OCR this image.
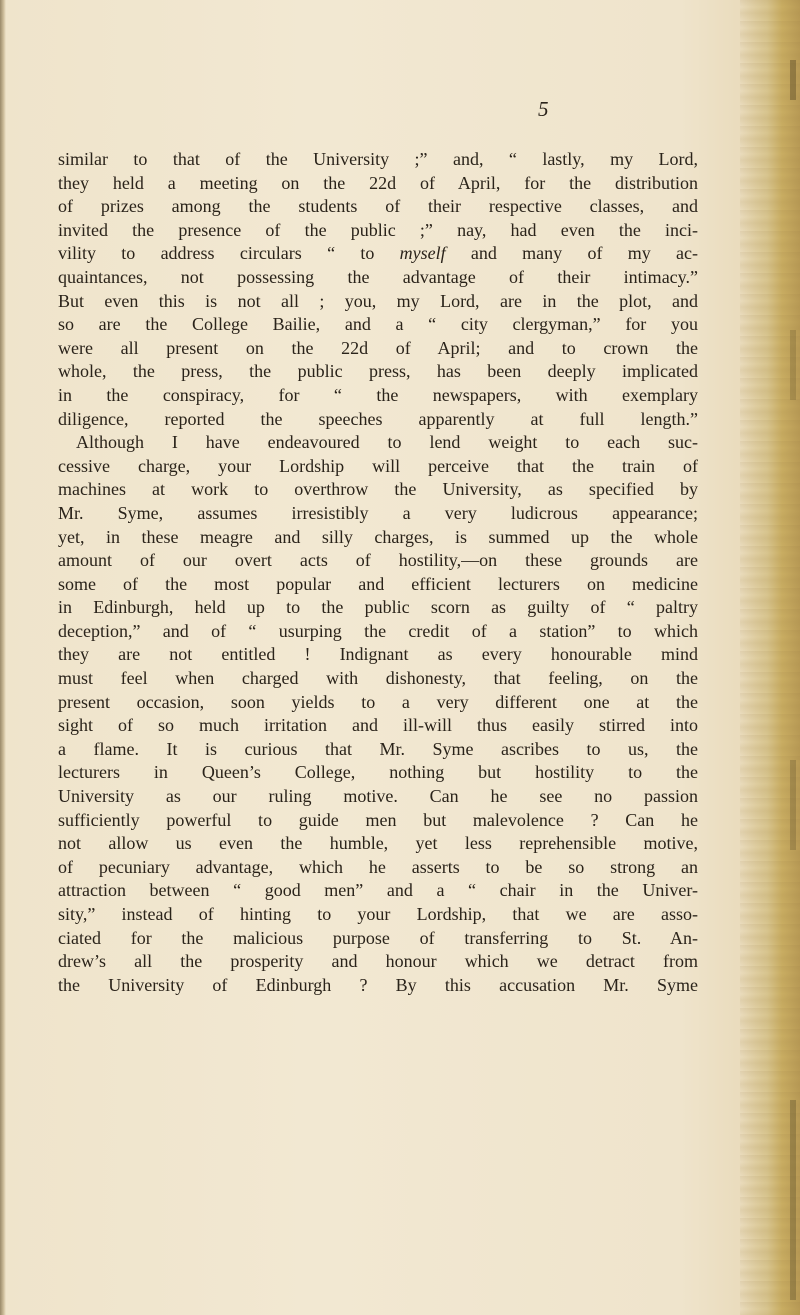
5
similar to that of the University ;” and, “ lastly, my Lord,
they held a meeting on the 22d of April, for the distribution
of prizes among the students of their respective classes, and
invited the presence of the public ;” nay, had even the inci-
vility to address circulars “ to myself and many of my ac-
quaintances, not possessing the advantage of their intimacy.”
But even this is not all ; you, my Lord, are in the plot, and
so are the College Bailie, and a “ city clergyman,” for you
were all present on the 22d of April; and to crown the
whole, the press, the public press, has been deeply implicated
in the conspiracy, for “ the newspapers, with exemplary
diligence, reported the speeches apparently at full length.”
Although I have endeavoured to lend weight to each suc-
cessive charge, your Lordship will perceive that the train of
machines at work to overthrow the University, as specified by
Mr. Syme, assumes irresistibly a very ludicrous appearance;
yet, in these meagre and silly charges, is summed up the whole
amount of our overt acts of hostility,—on these grounds are
some of the most popular and efficient lecturers on medicine
in Edinburgh, held up to the public scorn as guilty of “ paltry
deception,” and of “ usurping the credit of a station” to which
they are not entitled ! Indignant as every honourable mind
must feel when charged with dishonesty, that feeling, on the
present occasion, soon yields to a very different one at the
sight of so much irritation and ill-will thus easily stirred into
a flame. It is curious that Mr. Syme ascribes to us, the
lecturers in Queen’s College, nothing but hostility to the
University as our ruling motive. Can he see no passion
sufficiently powerful to guide men but malevolence ? Can he
not allow us even the humble, yet less reprehensible motive,
of pecuniary advantage, which he asserts to be so strong an
attraction between “ good men” and a “ chair in the Univer-
sity,” instead of hinting to your Lordship, that we are asso-
ciated for the malicious purpose of transferring to St. An-
drew’s all the prosperity and honour which we detract from
the University of Edinburgh ? By this accusation Mr. Syme
